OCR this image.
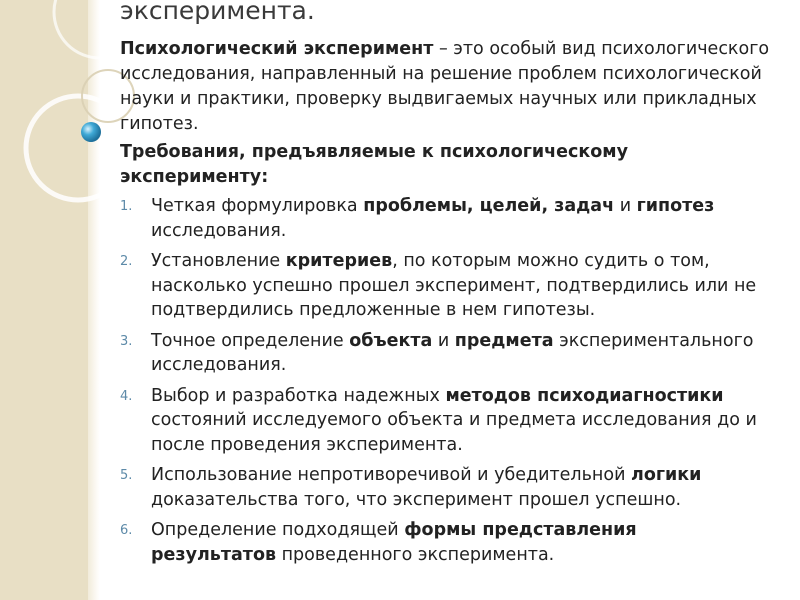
эксперимента.

Психологический эксперимент – это особый вид психологического исследования, направленный на решение проблем психологической науки и практики, проверку выдвигаемых научных или прикладных гипотез.

Требования, предъявляемые к психологическому эксперименту:

1. Четкая формулировка проблемы, целей, задач и гипотез исследования.
2. Установление критериев, по которым можно судить о том, насколько успешно прошел эксперимент, подтвердились или не подтвердились предложенные в нем гипотезы.
3. Точное определение объекта и предмета экспериментального исследования.
4. Выбор и разработка надежных методов психодиагностики состояний исследуемого объекта и предмета исследования до и после проведения эксперимента.
5. Использование непротиворечивой и убедительной логики доказательства того, что эксперимент прошел успешно.
6. Определение подходящей формы представления результатов проведенного эксперимента.
